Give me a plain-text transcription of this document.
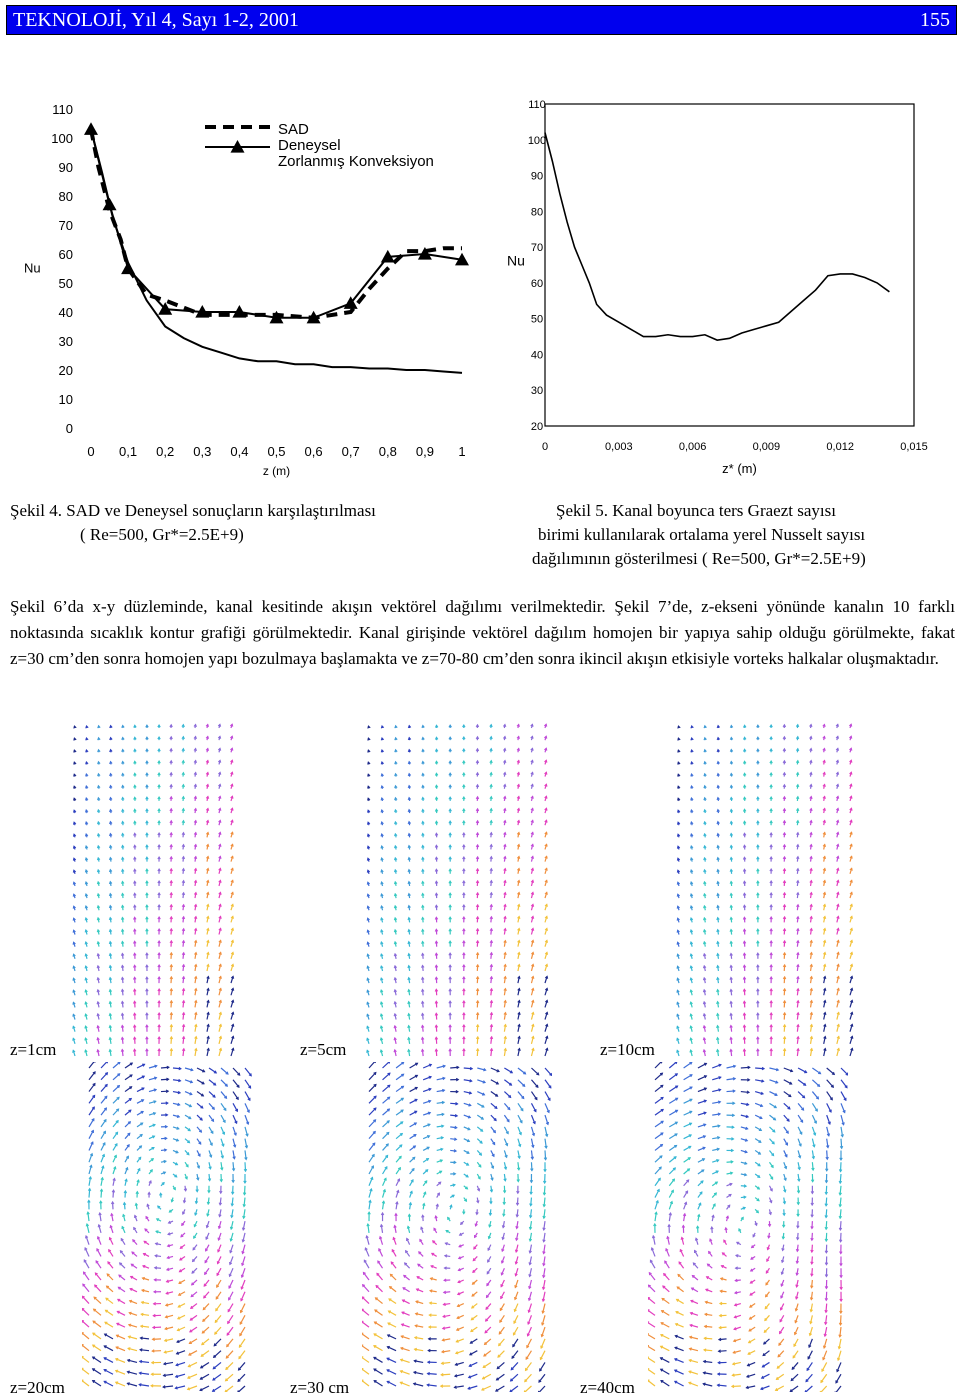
TEKNOLOJİ, Yıl 4, Sayı 1-2, 2001	155
0
10
20
30
40
50
60
70
80
90
100
110
0 0,1 0,2 0,3 0,4 0,5 0,6 0,7 0,8 0,9 1
z (m)
Nu
SAD
Deneysel
Zorlanmış Konveksiyon
Şekil 4. SAD ve Deneysel sonuçların karşılaştırılması
( Re=500, Gr*=2.5E+9)
20
30
40
50
60
70
80
90
100
110
0	0,003	0,006	0,009	0,012	0,015
z* (m)
Nu
Şekil 5. Kanal boyunca ters Graezt sayısı
birimi kullanılarak ortalama yerel Nusselt sayısı
dağılımının gösterilmesi ( Re=500, Gr*=2.5E+9)
Şekil 6’da x-y düzleminde, kanal kesitinde akışın vektörel dağılımı verilmektedir. Şekil 7’de, z-ekseni yönünde kanalın 10 farklı noktasında sıcaklık kontur grafiği görülmektedir. Kanal girişinde vektörel dağılım homojen bir yapıya sahip olduğu görülmekte, fakat z=30 cm’den sonra homojen yapı bozulmaya başlamakta ve z=70-80 cm’den sonra ikincil akışın etkisiyle vorteks halkalar oluşmaktadır.
z=1cm	z=5cm	z=10cm
z=20cm	z=30 cm	z=40cm
